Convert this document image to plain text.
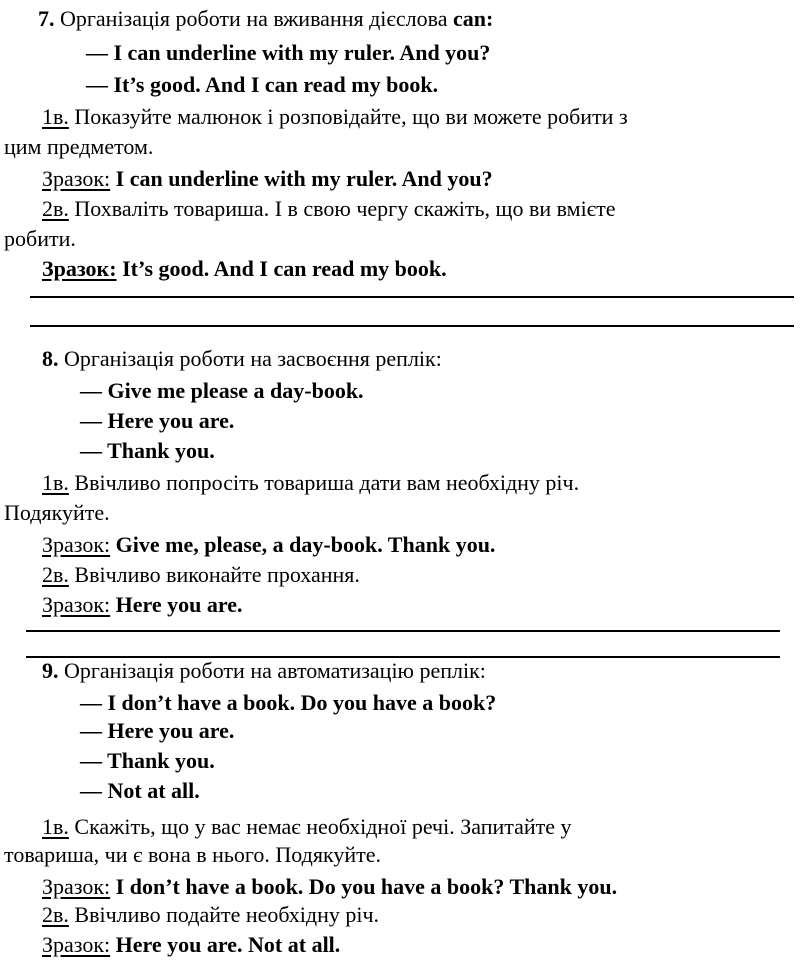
7. Організація роботи на вживання дієслова can:
— I can underline with my ruler. And you?
— It’s good. And I can read my book.
1в. Показуйте малюнок і розповідайте, що ви можете робити з
цим предметом.
Зразок: I can underline with my ruler. And you?
2в. Похваліть товариша. І в свою чергу скажіть, що ви вмієте
робити.
Зразок: It’s good. And I can read my book.
8. Організація роботи на засвоєння реплік:
— Give me please a day-book.
— Here you are.
— Thank you.
1в. Ввічливо попросіть товариша дати вам необхідну річ.
Подякуйте.
Зразок: Give me, please, a day-book. Thank you.
2в. Ввічливо виконайте прохання.
Зразок: Here you are.
9. Організація роботи на автоматизацію реплік:
— I don’t have a book. Do you have a book?
— Here you are.
— Thank you.
— Not at all.
1в. Скажіть, що у вас немає необхідної речі. Запитайте у
товариша, чи є вона в нього. Подякуйте.
Зразок: I don’t have a book. Do you have a book? Thank you.
2в. Ввічливо подайте необхідну річ.
Зразок: Here you are. Not at all.
